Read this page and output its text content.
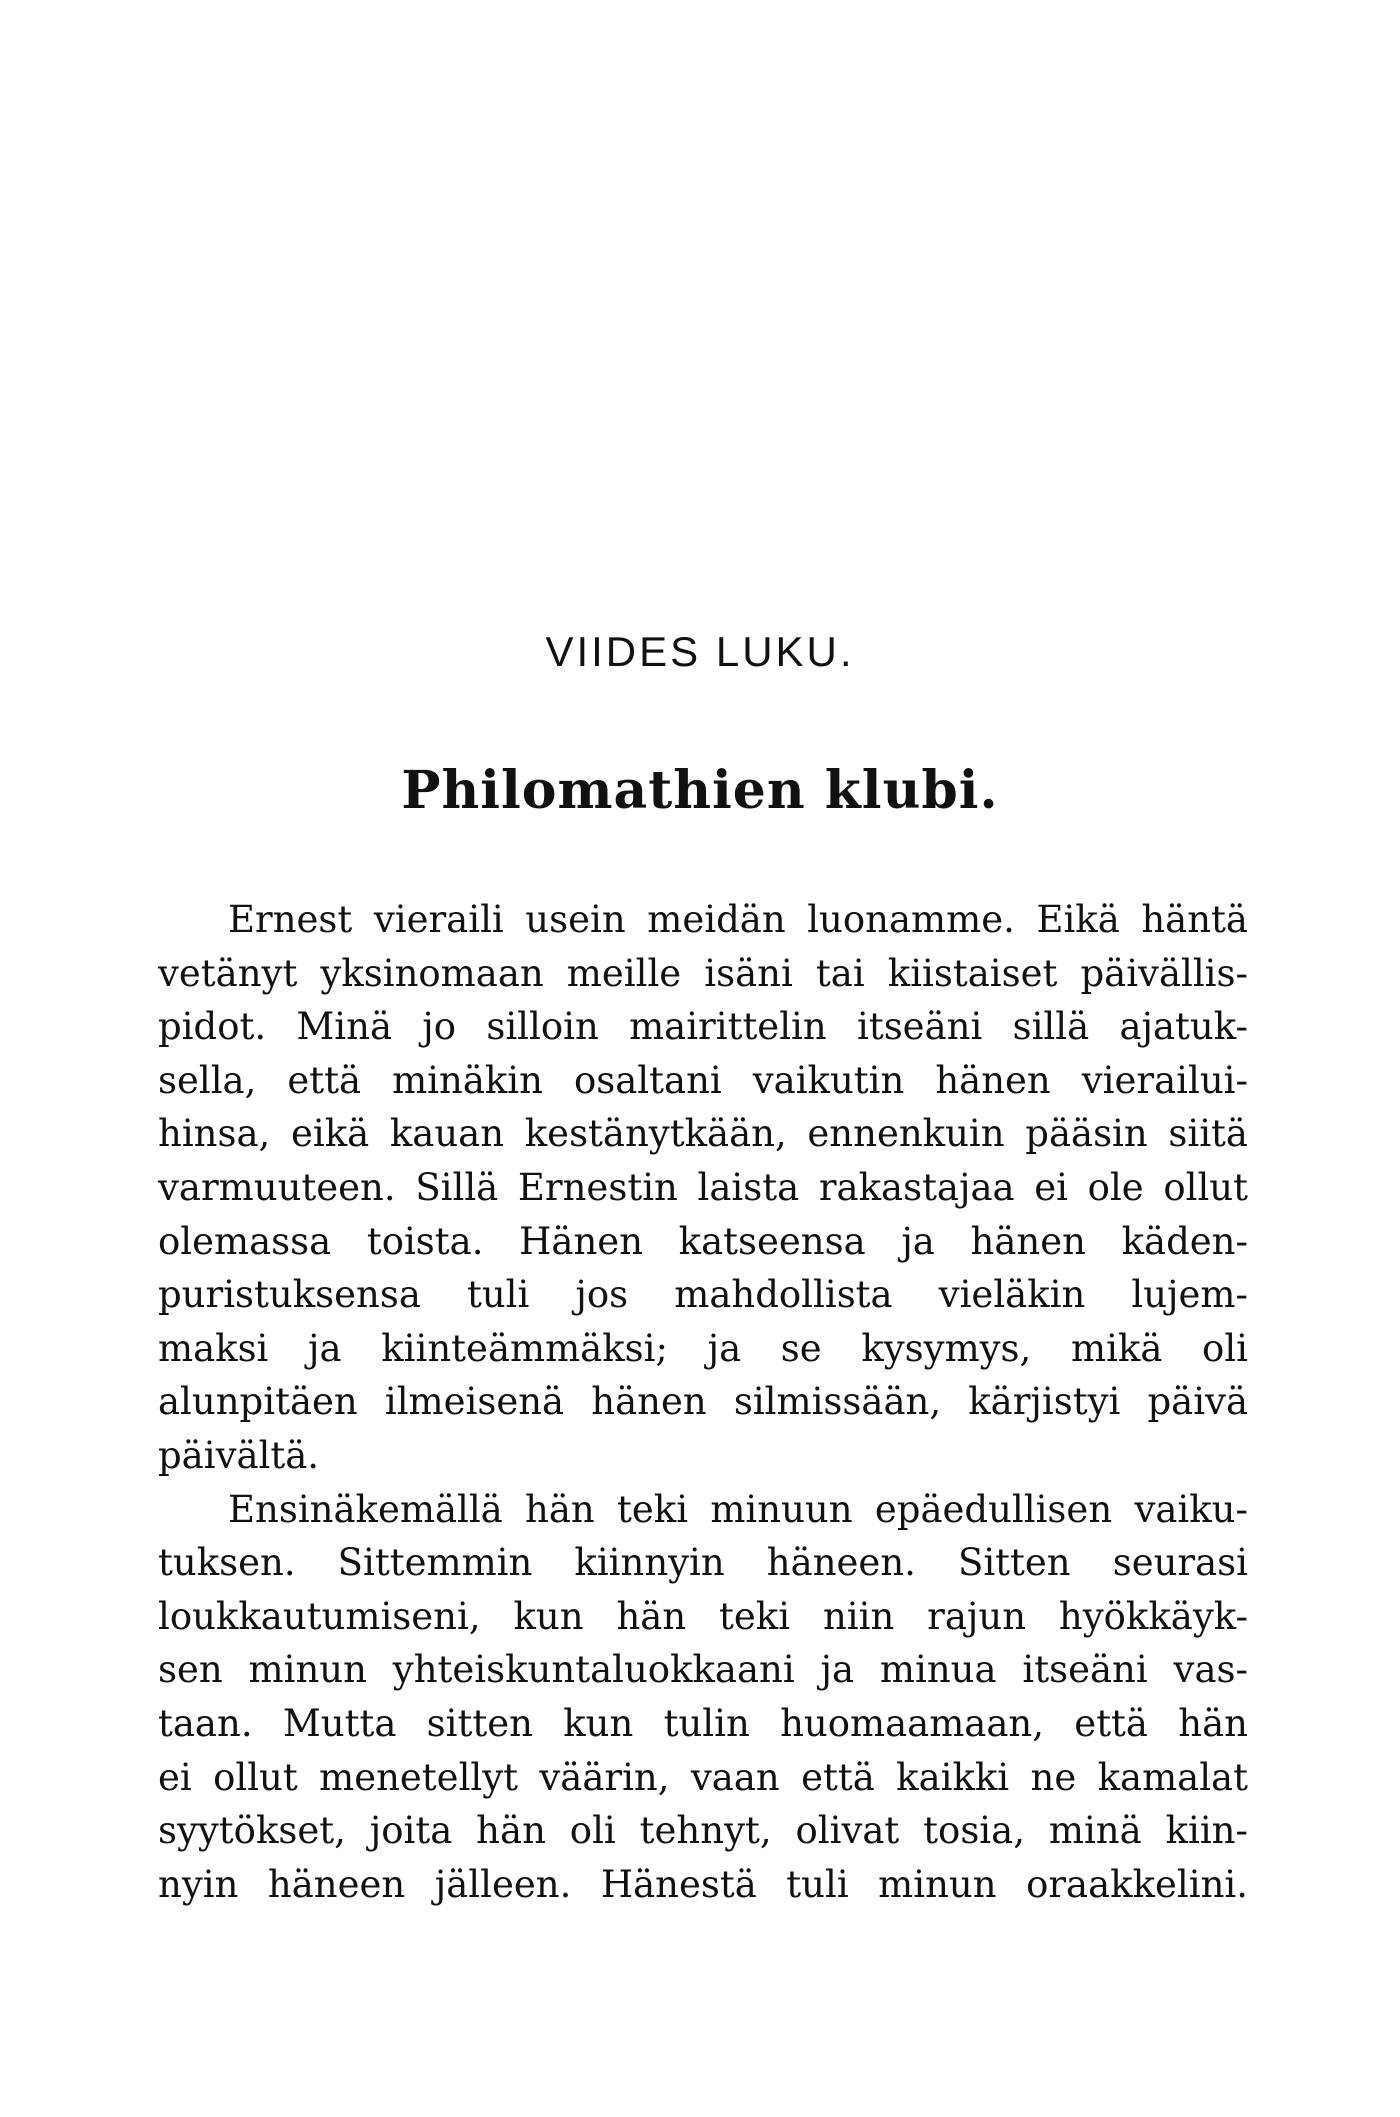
VIIDES LUKU.
Philomathien klubi.
Ernest vieraili usein meidän luonamme. Eikä häntä
vetänyt yksinomaan meille isäni tai kiistaiset päivällis-
pidot. Minä jo silloin mairittelin itseäni sillä ajatuk-
sella, että minäkin osaltani vaikutin hänen vierailui-
hinsa, eikä kauan kestänytkään, ennenkuin pääsin siitä
varmuuteen. Sillä Ernestin laista rakastajaa ei ole ollut
olemassa toista. Hänen katseensa ja hänen käden-
puristuksensa tuli jos mahdollista vieläkin lujem-
maksi ja kiinteämmäksi; ja se kysymys, mikä oli
alunpitäen ilmeisenä hänen silmissään, kärjistyi päivä
päivältä.
Ensinäkemällä hän teki minuun epäedullisen vaiku-
tuksen. Sittemmin kiinnyin häneen. Sitten seurasi
loukkautumiseni, kun hän teki niin rajun hyökkäyk-
sen minun yhteiskuntaluokkaani ja minua itseäni vas-
taan. Mutta sitten kun tulin huomaamaan, että hän
ei ollut menetellyt väärin, vaan että kaikki ne kamalat
syytökset, joita hän oli tehnyt, olivat tosia, minä kiin-
nyin häneen jälleen. Hänestä tuli minun oraakkelini.
